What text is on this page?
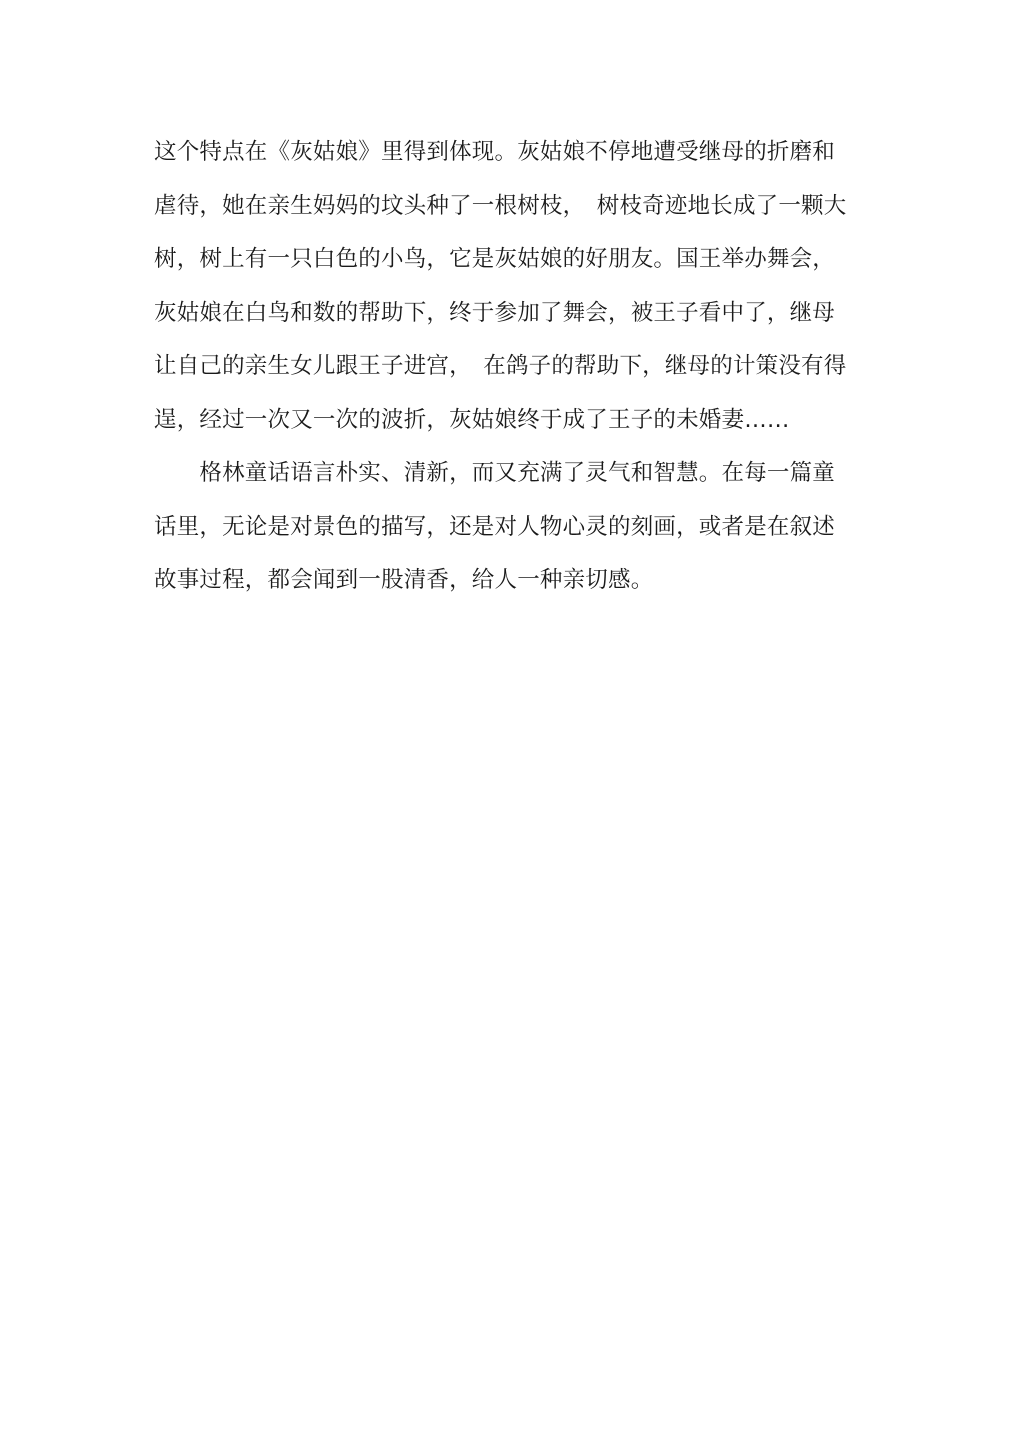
这个特点在《灰姑娘》里得到体现。灰姑娘不停地遭受继母的折磨和
虐待，她在亲生妈妈的坟头种了一根树枝，　树枝奇迹地长成了一颗大
树，树上有一只白色的小鸟，它是灰姑娘的好朋友。国王举办舞会，
灰姑娘在白鸟和数的帮助下，终于参加了舞会，被王子看中了，继母
让自己的亲生女儿跟王子进宫，　在鸽子的帮助下，继母的计策没有得
逞，经过一次又一次的波折，灰姑娘终于成了王子的未婚妻……
　　格林童话语言朴实、清新，而又充满了灵气和智慧。在每一篇童
话里，无论是对景色的描写，还是对人物心灵的刻画，或者是在叙述
故事过程，都会闻到一股清香，给人一种亲切感。
